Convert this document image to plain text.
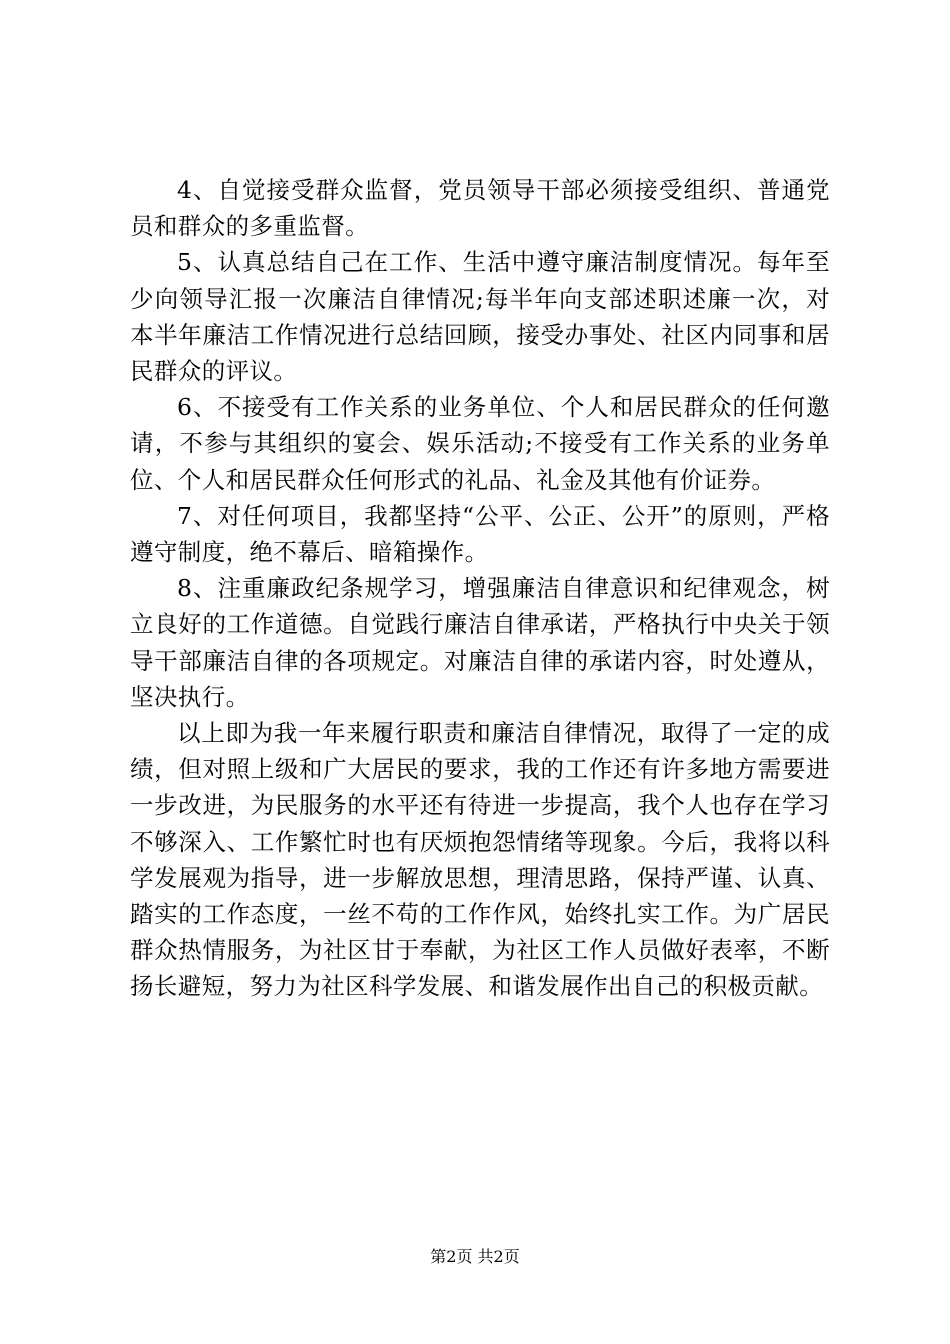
4、自觉接受群众监督，党员领导干部必须接受组织、普通党员和群众的多重监督。

5、认真总结自己在工作、生活中遵守廉洁制度情况。每年至少向领导汇报一次廉洁自律情况;每半年向支部述职述廉一次，对本半年廉洁工作情况进行总结回顾，接受办事处、社区内同事和居民群众的评议。

6、不接受有工作关系的业务单位、个人和居民群众的任何邀请，不参与其组织的宴会、娱乐活动;不接受有工作关系的业务单位、个人和居民群众任何形式的礼品、礼金及其他有价证券。

7、对任何项目，我都坚持“公平、公正、公开”的原则，严格遵守制度，绝不幕后、暗箱操作。

8、注重廉政纪条规学习，增强廉洁自律意识和纪律观念，树立良好的工作道德。自觉践行廉洁自律承诺，严格执行中央关于领导干部廉洁自律的各项规定。对廉洁自律的承诺内容，时处遵从，坚决执行。

以上即为我一年来履行职责和廉洁自律情况，取得了一定的成绩，但对照上级和广大居民的要求，我的工作还有许多地方需要进一步改进，为民服务的水平还有待进一步提高，我个人也存在学习不够深入、工作繁忙时也有厌烦抱怨情绪等现象。今后，我将以科学发展观为指导，进一步解放思想，理清思路，保持严谨、认真、踏实的工作态度，一丝不苟的工作作风，始终扎实工作。为广居民群众热情服务，为社区甘于奉献，为社区工作人员做好表率，不断扬长避短，努力为社区科学发展、和谐发展作出自己的积极贡献。

第2页 共2页
